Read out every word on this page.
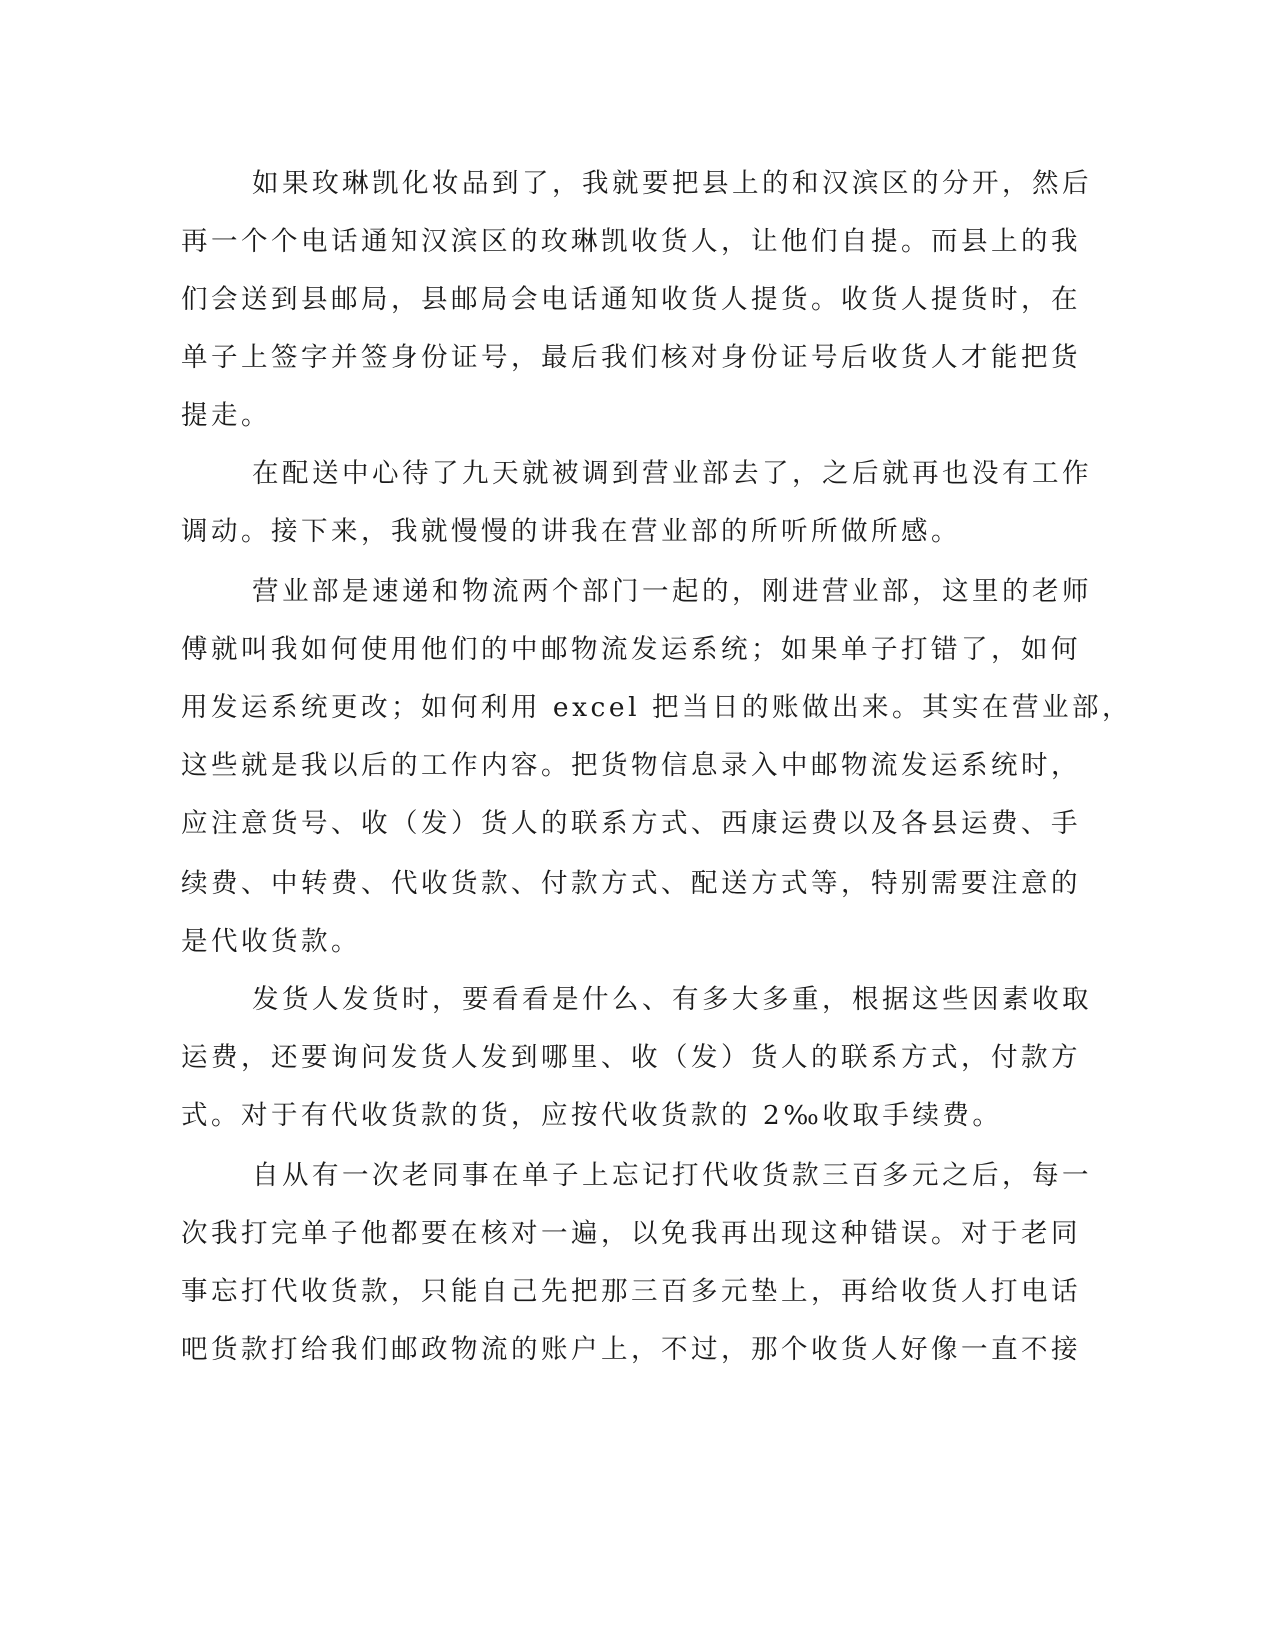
如果玫琳凯化妆品到了，我就要把县上的和汉滨区的分开，然后

再一个个电话通知汉滨区的玫琳凯收货人，让他们自提。而县上的我

们会送到县邮局，县邮局会电话通知收货人提货。收货人提货时，在

单子上签字并签身份证号，最后我们核对身份证号后收货人才能把货

提走。

在配送中心待了九天就被调到营业部去了，之后就再也没有工作

调动。接下来，我就慢慢的讲我在营业部的所听所做所感。

营业部是速递和物流两个部门一起的，刚进营业部，这里的老师

傅就叫我如何使用他们的中邮物流发运系统；如果单子打错了，如何

用发运系统更改；如何利用 excel 把当日的账做出来。其实在营业部，

这些就是我以后的工作内容。把货物信息录入中邮物流发运系统时，

应注意货号、收（发）货人的联系方式、西康运费以及各县运费、手

续费、中转费、代收货款、付款方式、配送方式等，特别需要注意的

是代收货款。

发货人发货时，要看看是什么、有多大多重，根据这些因素收取

运费，还要询问发货人发到哪里、收（发）货人的联系方式，付款方

式。对于有代收货款的货，应按代收货款的 2‰收取手续费。

自从有一次老同事在单子上忘记打代收货款三百多元之后，每一

次我打完单子他都要在核对一遍，以免我再出现这种错误。对于老同

事忘打代收货款，只能自己先把那三百多元垫上，再给收货人打电话

吧货款打给我们邮政物流的账户上，不过，那个收货人好像一直不接
